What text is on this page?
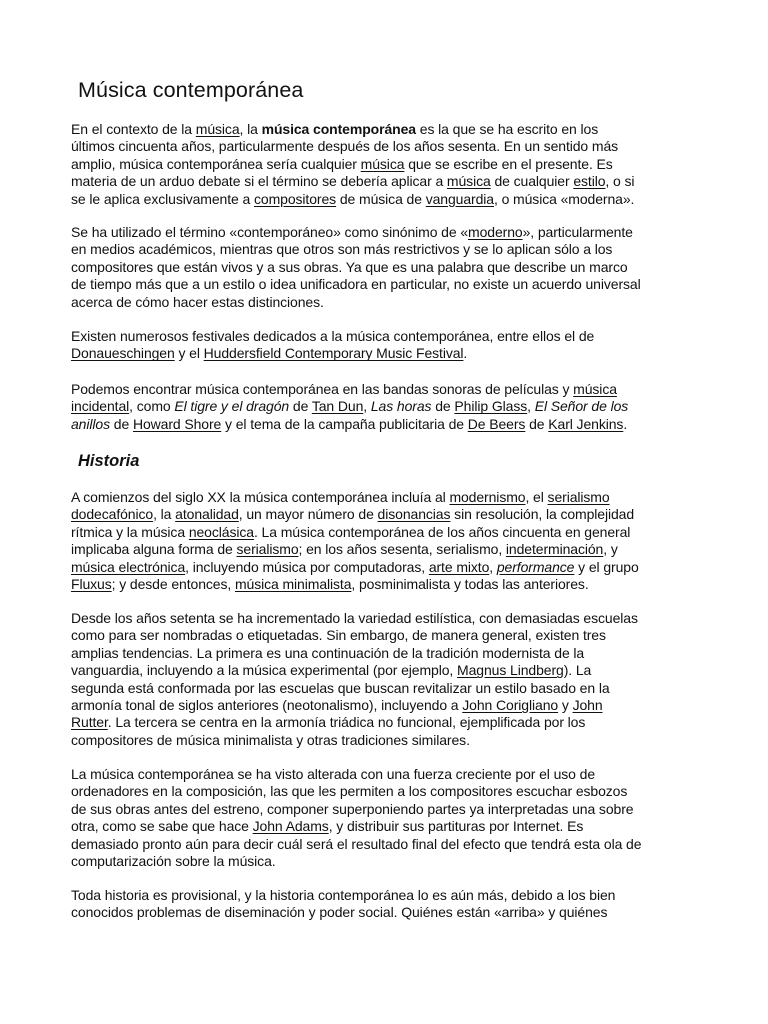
Música contemporánea

En el contexto de la música, la música contemporánea es la que se ha escrito en los
últimos cincuenta años, particularmente después de los años sesenta. En un sentido más
amplio, música contemporánea sería cualquier música que se escribe en el presente. Es
materia de un arduo debate si el término se debería aplicar a música de cualquier estilo, o si
se le aplica exclusivamente a compositores de música de vanguardia, o música «moderna».

Se ha utilizado el término «contemporáneo» como sinónimo de «moderno», particularmente
en medios académicos, mientras que otros son más restrictivos y se lo aplican sólo a los
compositores que están vivos y a sus obras. Ya que es una palabra que describe un marco
de tiempo más que a un estilo o idea unificadora en particular, no existe un acuerdo universal
acerca de cómo hacer estas distinciones.

Existen numerosos festivales dedicados a la música contemporánea, entre ellos el de
Donaueschingen y el Huddersfield Contemporary Music Festival.

Podemos encontrar música contemporánea en las bandas sonoras de películas y música
incidental, como El tigre y el dragón de Tan Dun, Las horas de Philip Glass, El Señor de los
anillos de Howard Shore y el tema de la campaña publicitaria de De Beers de Karl Jenkins.

Historia

A comienzos del siglo XX la música contemporánea incluía al modernismo, el serialismo
dodecafónico, la atonalidad, un mayor número de disonancias sin resolución, la complejidad
rítmica y la música neoclásica. La música contemporánea de los años cincuenta en general
implicaba alguna forma de serialismo; en los años sesenta, serialismo, indeterminación, y
música electrónica, incluyendo música por computadoras, arte mixto, performance y el grupo
Fluxus; y desde entonces, música minimalista, posminimalista y todas las anteriores.

Desde los años setenta se ha incrementado la variedad estilística, con demasiadas escuelas
como para ser nombradas o etiquetadas. Sin embargo, de manera general, existen tres
amplias tendencias. La primera es una continuación de la tradición modernista de la
vanguardia, incluyendo a la música experimental (por ejemplo, Magnus Lindberg). La
segunda está conformada por las escuelas que buscan revitalizar un estilo basado en la
armonía tonal de siglos anteriores (neotonalismo), incluyendo a John Corigliano y John
Rutter. La tercera se centra en la armonía triádica no funcional, ejemplificada por los
compositores de música minimalista y otras tradiciones similares.

La música contemporánea se ha visto alterada con una fuerza creciente por el uso de
ordenadores en la composición, las que les permiten a los compositores escuchar esbozos
de sus obras antes del estreno, componer superponiendo partes ya interpretadas una sobre
otra, como se sabe que hace John Adams, y distribuir sus partituras por Internet. Es
demasiado pronto aún para decir cuál será el resultado final del efecto que tendrá esta ola de
computarización sobre la música.

Toda historia es provisional, y la historia contemporánea lo es aún más, debido a los bien
conocidos problemas de diseminación y poder social. Quiénes están «arriba» y quiénes
